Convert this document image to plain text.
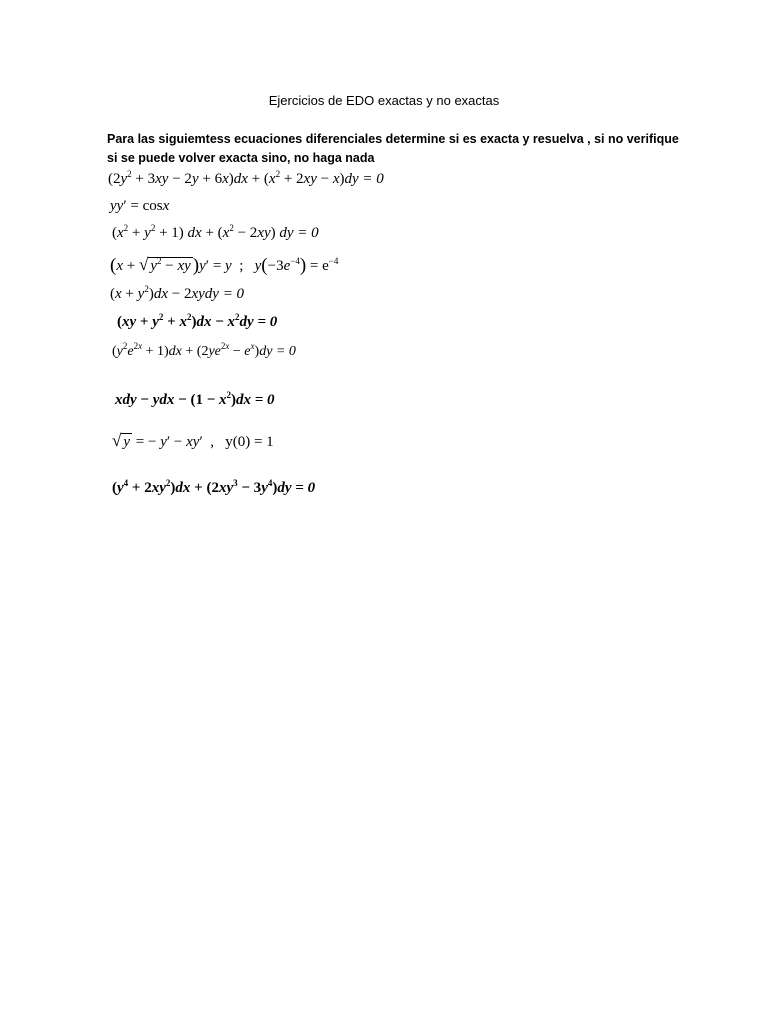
Ejercicios de EDO exactas y no exactas
Para las siguiemtess ecuaciones diferenciales determine si es exacta y resuelva , si no verifique
si se puede volver exacta sino, no haga nada
$(2y^2 + 3xy - 2y + 6x)dx + (x^2 + 2xy - x)dy = 0$
yy′ = cosx
$(x^2 + y^2 + 1)$ dx + $(x^2 - 2xy)$ dy = 0
(x + √ $y^2$ − xy )y′ = y  ;   $y(-3e^{-4}) = e^{-4}$
$(x + y^2)dx$ − 2xydy = 0
$(xy + y^2 + x^2)dx - x^2dy = 0$
$(y^2e^{2x} + 1)dx + (2ye^{2x} - e^x)dy = 0$
xdy − ydx − $(1 - x^2)dx = 0$
√ y = − y′ − xy′  ,   y(0) = 1
$(y^4 + 2xy^2)dx + (2xy^3 - 3y^4)dy = 0$
